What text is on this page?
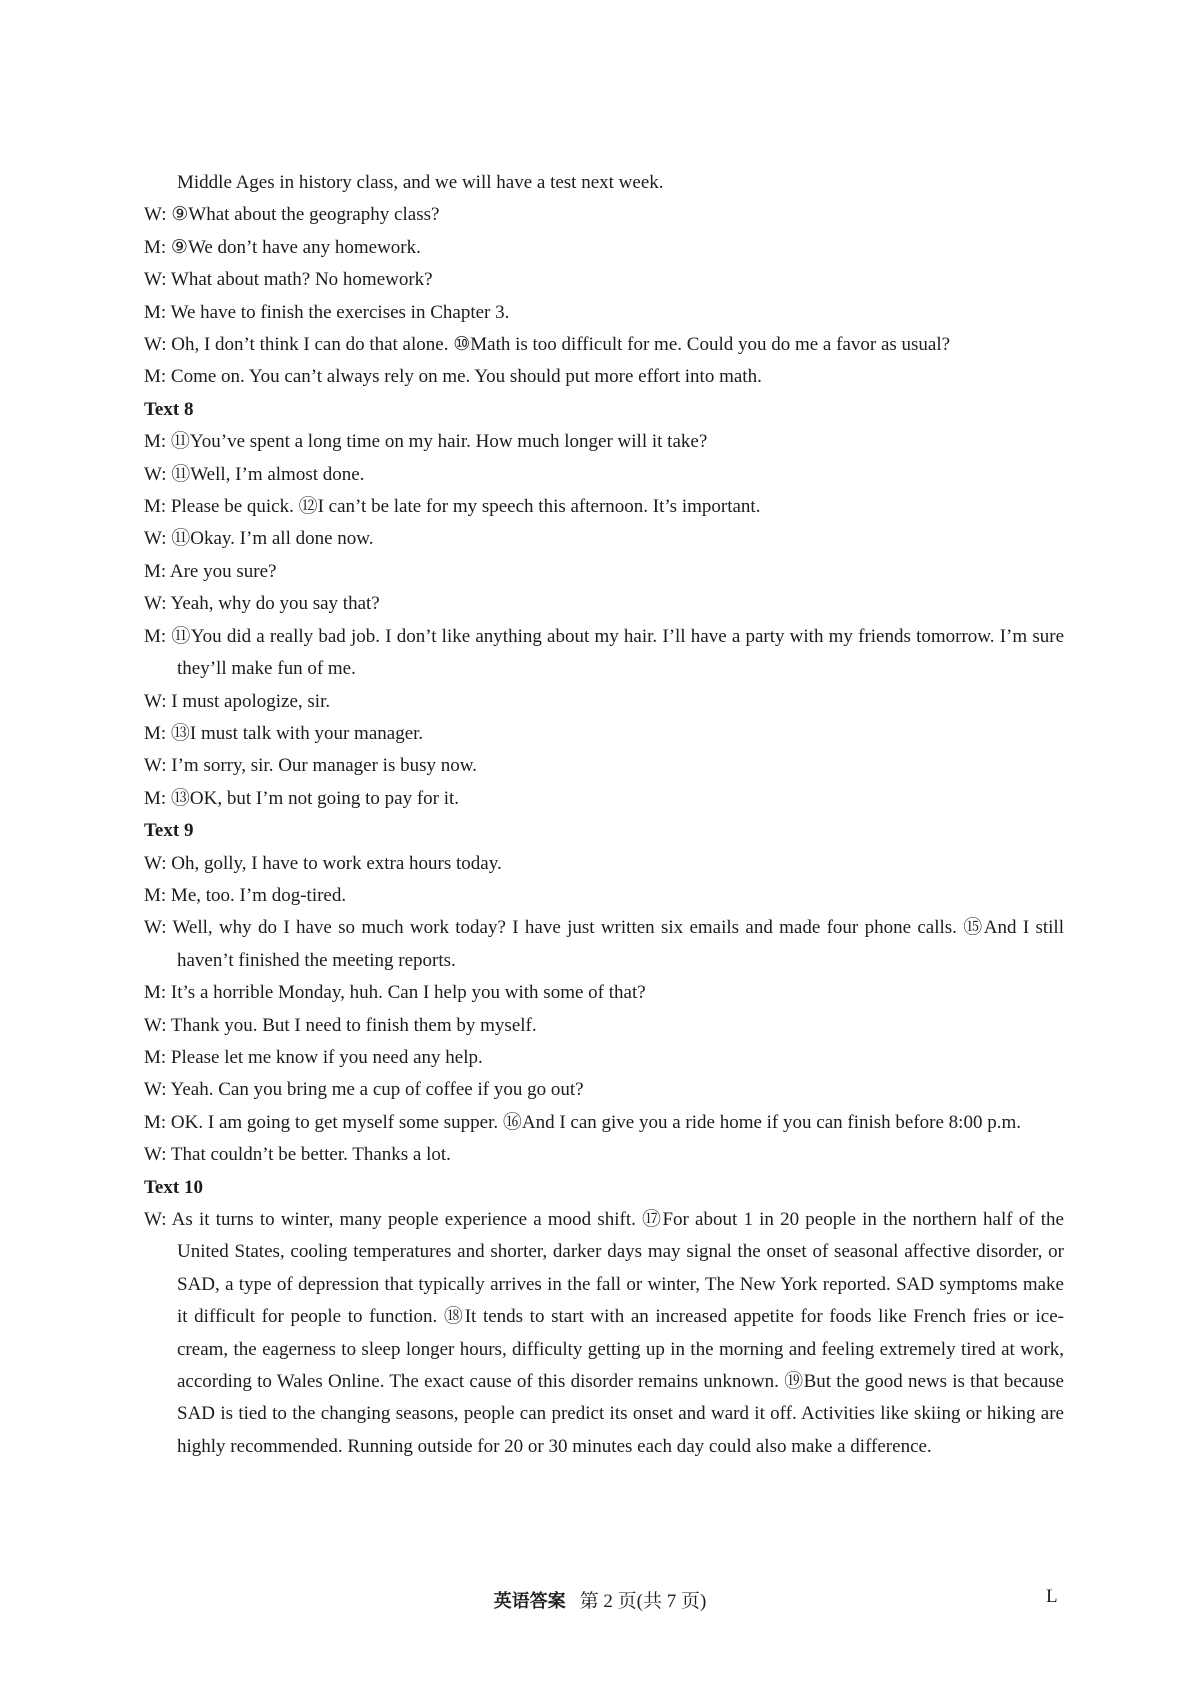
Middle Ages in history class, and we will have a test next week.

W: ⑨What about the geography class?

M: ⑨We don’t have any homework.

W: What about math? No homework?

M: We have to finish the exercises in Chapter 3.

W: Oh, I don’t think I can do that alone. ⑩Math is too difficult for me. Could you do me a favor as usual?

M: Come on. You can’t always rely on me. You should put more effort into math.

Text 8

M: ⑪You’ve spent a long time on my hair. How much longer will it take?

W: ⑪Well, I’m almost done.

M: Please be quick. ⑫I can’t be late for my speech this afternoon. It’s important.

W: ⑪Okay. I’m all done now.

M: Are you sure?

W: Yeah, why do you say that?

M: ⑪You did a really bad job. I don’t like anything about my hair. I’ll have a party with my friends tomorrow. I’m sure they’ll make fun of me.

W: I must apologize, sir.

M: ⑬I must talk with your manager.

W: I’m sorry, sir. Our manager is busy now.

M: ⑬OK, but I’m not going to pay for it.

Text 9

W: Oh, golly, I have to work extra hours today.

M: Me, too. I’m dog-tired.

W: Well, why do I have so much work today? I have just written six emails and made four phone calls. ⑮And I still haven’t finished the meeting reports.

M: It’s a horrible Monday, huh. Can I help you with some of that?

W: Thank you. But I need to finish them by myself.

M: Please let me know if you need any help.

W: Yeah. Can you bring me a cup of coffee if you go out?

M: OK. I am going to get myself some supper. ⑯And I can give you a ride home if you can finish before 8:00 p.m.

W: That couldn’t be better. Thanks a lot.

Text 10

W: As it turns to winter, many people experience a mood shift. ⑰For about 1 in 20 people in the northern half of the United States, cooling temperatures and shorter, darker days may signal the onset of seasonal affective disorder, or SAD, a type of depression that typically arrives in the fall or winter, The New York reported. SAD symptoms make it difficult for people to function. ⑱It tends to start with an increased appetite for foods like French fries or ice-cream, the eagerness to sleep longer hours, difficulty getting up in the morning and feeling extremely tired at work, according to Wales Online. The exact cause of this disorder remains unknown. ⑲But the good news is that because SAD is tied to the changing seasons, people can predict its onset and ward it off. Activities like skiing or hiking are highly recommended. Running outside for 20 or 30 minutes each day could also make a difference.

英语答案 第 2 页(共 7 页)	L
